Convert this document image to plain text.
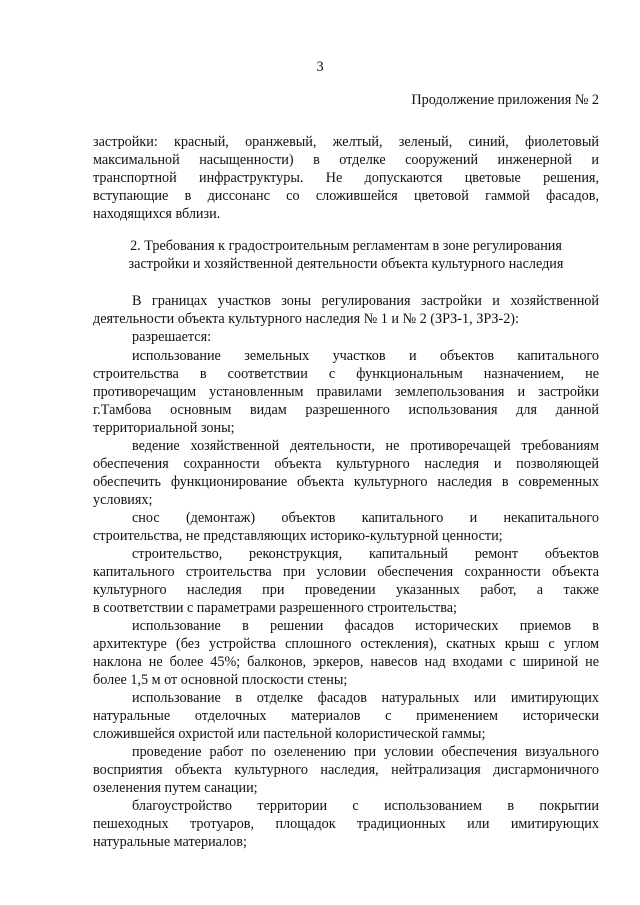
3
Продолжение приложения № 2
застройки: красный, оранжевый, желтый, зеленый, синий, фиолетовый
максимальной насыщенности) в отделке сооружений инженерной и
транспортной инфраструктуры. Не допускаются цветовые решения,
вступающие в диссонанс со сложившейся цветовой гаммой фасадов,
находящихся вблизи.
2. Требования к градостроительным регламентам в зоне регулирования
застройки и хозяйственной деятельности объекта культурного наследия
В границах участков зоны регулирования застройки и хозяйственной
деятельности объекта культурного наследия № 1 и № 2 (ЗРЗ-1, ЗРЗ-2):
разрешается:
использование земельных участков и объектов капитального
строительства в соответствии с функциональным назначением, не
противоречащим установленным правилами землепользования и застройки
г.Тамбова основным видам разрешенного использования для данной
территориальной зоны;
ведение хозяйственной деятельности, не противоречащей требованиям
обеспечения сохранности объекта культурного наследия и позволяющей
обеспечить функционирование объекта культурного наследия в современных
условиях;
снос (демонтаж) объектов капитального и некапитального
строительства, не представляющих историко-культурной ценности;
строительство, реконструкция, капитальный ремонт объектов
капитального строительства при условии обеспечения сохранности объекта
культурного наследия при проведении указанных работ, а также
в соответствии с параметрами разрешенного строительства;
использование в решении фасадов исторических приемов в
архитектуре (без устройства сплошного остекления), скатных крыш с углом
наклона не более 45%; балконов, эркеров, навесов над входами с шириной не
более 1,5 м от основной плоскости стены;
использование в отделке фасадов натуральных или имитирующих
натуральные отделочных материалов с применением исторически
сложившейся охристой или пастельной колористической гаммы;
проведение работ по озеленению при условии обеспечения визуального
восприятия объекта культурного наследия, нейтрализация дисгармоничного
озеленения путем санации;
благоустройство территории с использованием в покрытии
пешеходных тротуаров, площадок традиционных или имитирующих
натуральные материалов;
